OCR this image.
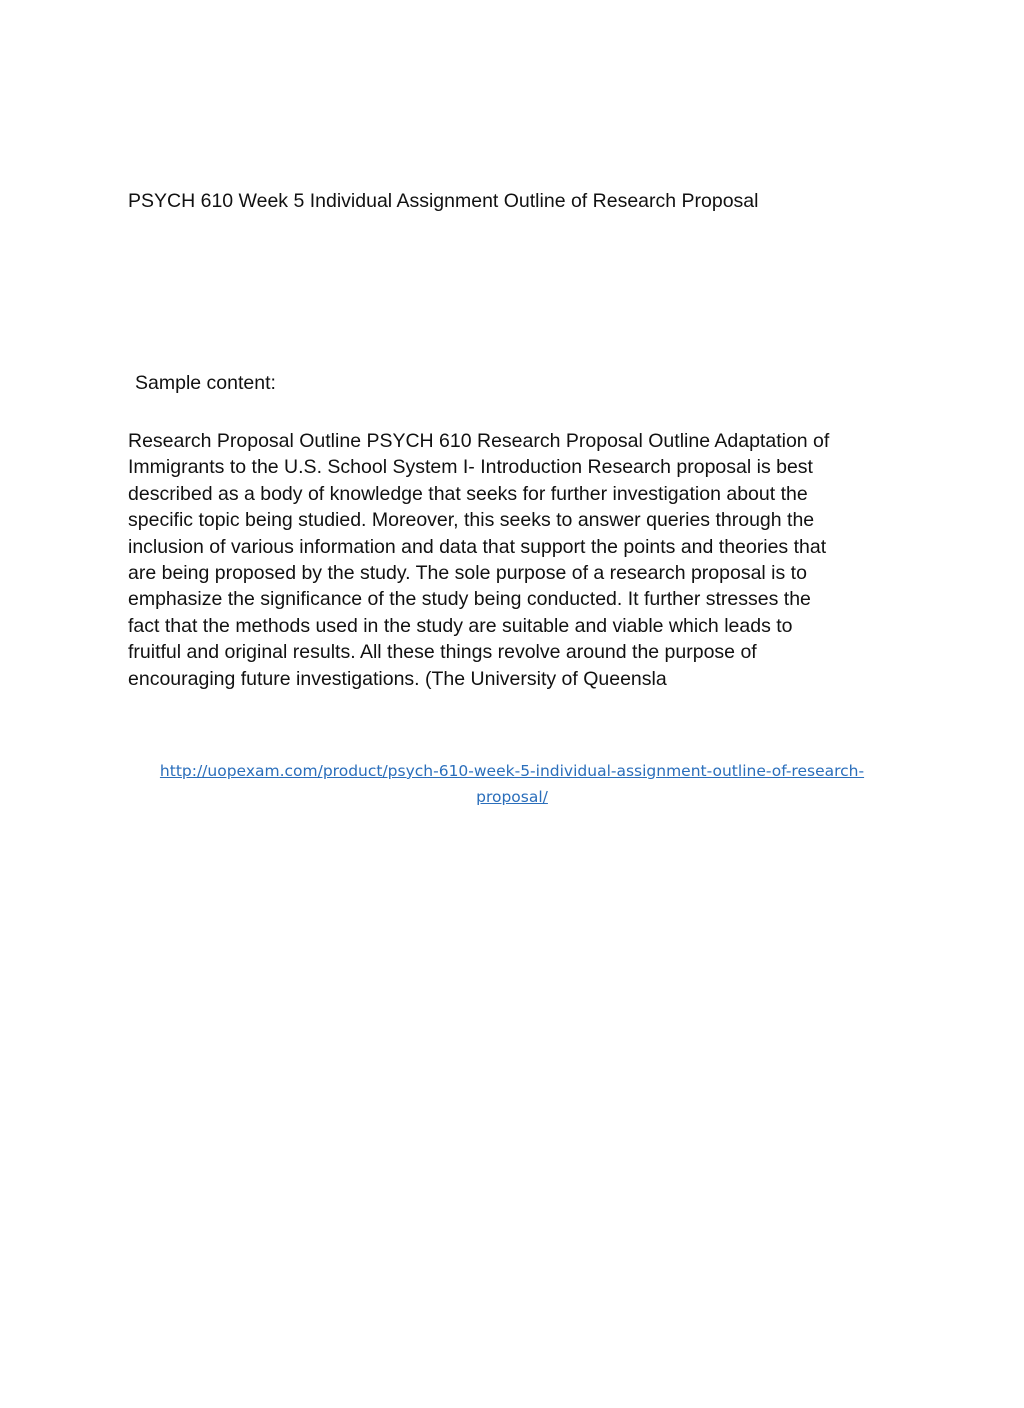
PSYCH 610 Week 5 Individual Assignment Outline of Research Proposal
Sample content:
Research Proposal Outline PSYCH 610 Research Proposal Outline Adaptation of
Immigrants to the U.S. School System I- Introduction Research proposal is best
described as a body of knowledge that seeks for further investigation about the
specific topic being studied. Moreover, this seeks to answer queries through the
inclusion of various information and data that support the points and theories that
are being proposed by the study. The sole purpose of a research proposal is to
emphasize the significance of the study being conducted. It further stresses the
fact that the methods used in the study are suitable and viable which leads to
fruitful and original results. All these things revolve around the purpose of
encouraging future investigations. (The University of Queensla
http://uopexam.com/product/psych-610-week-5-individual-assignment-outline-of-research-
proposal/
